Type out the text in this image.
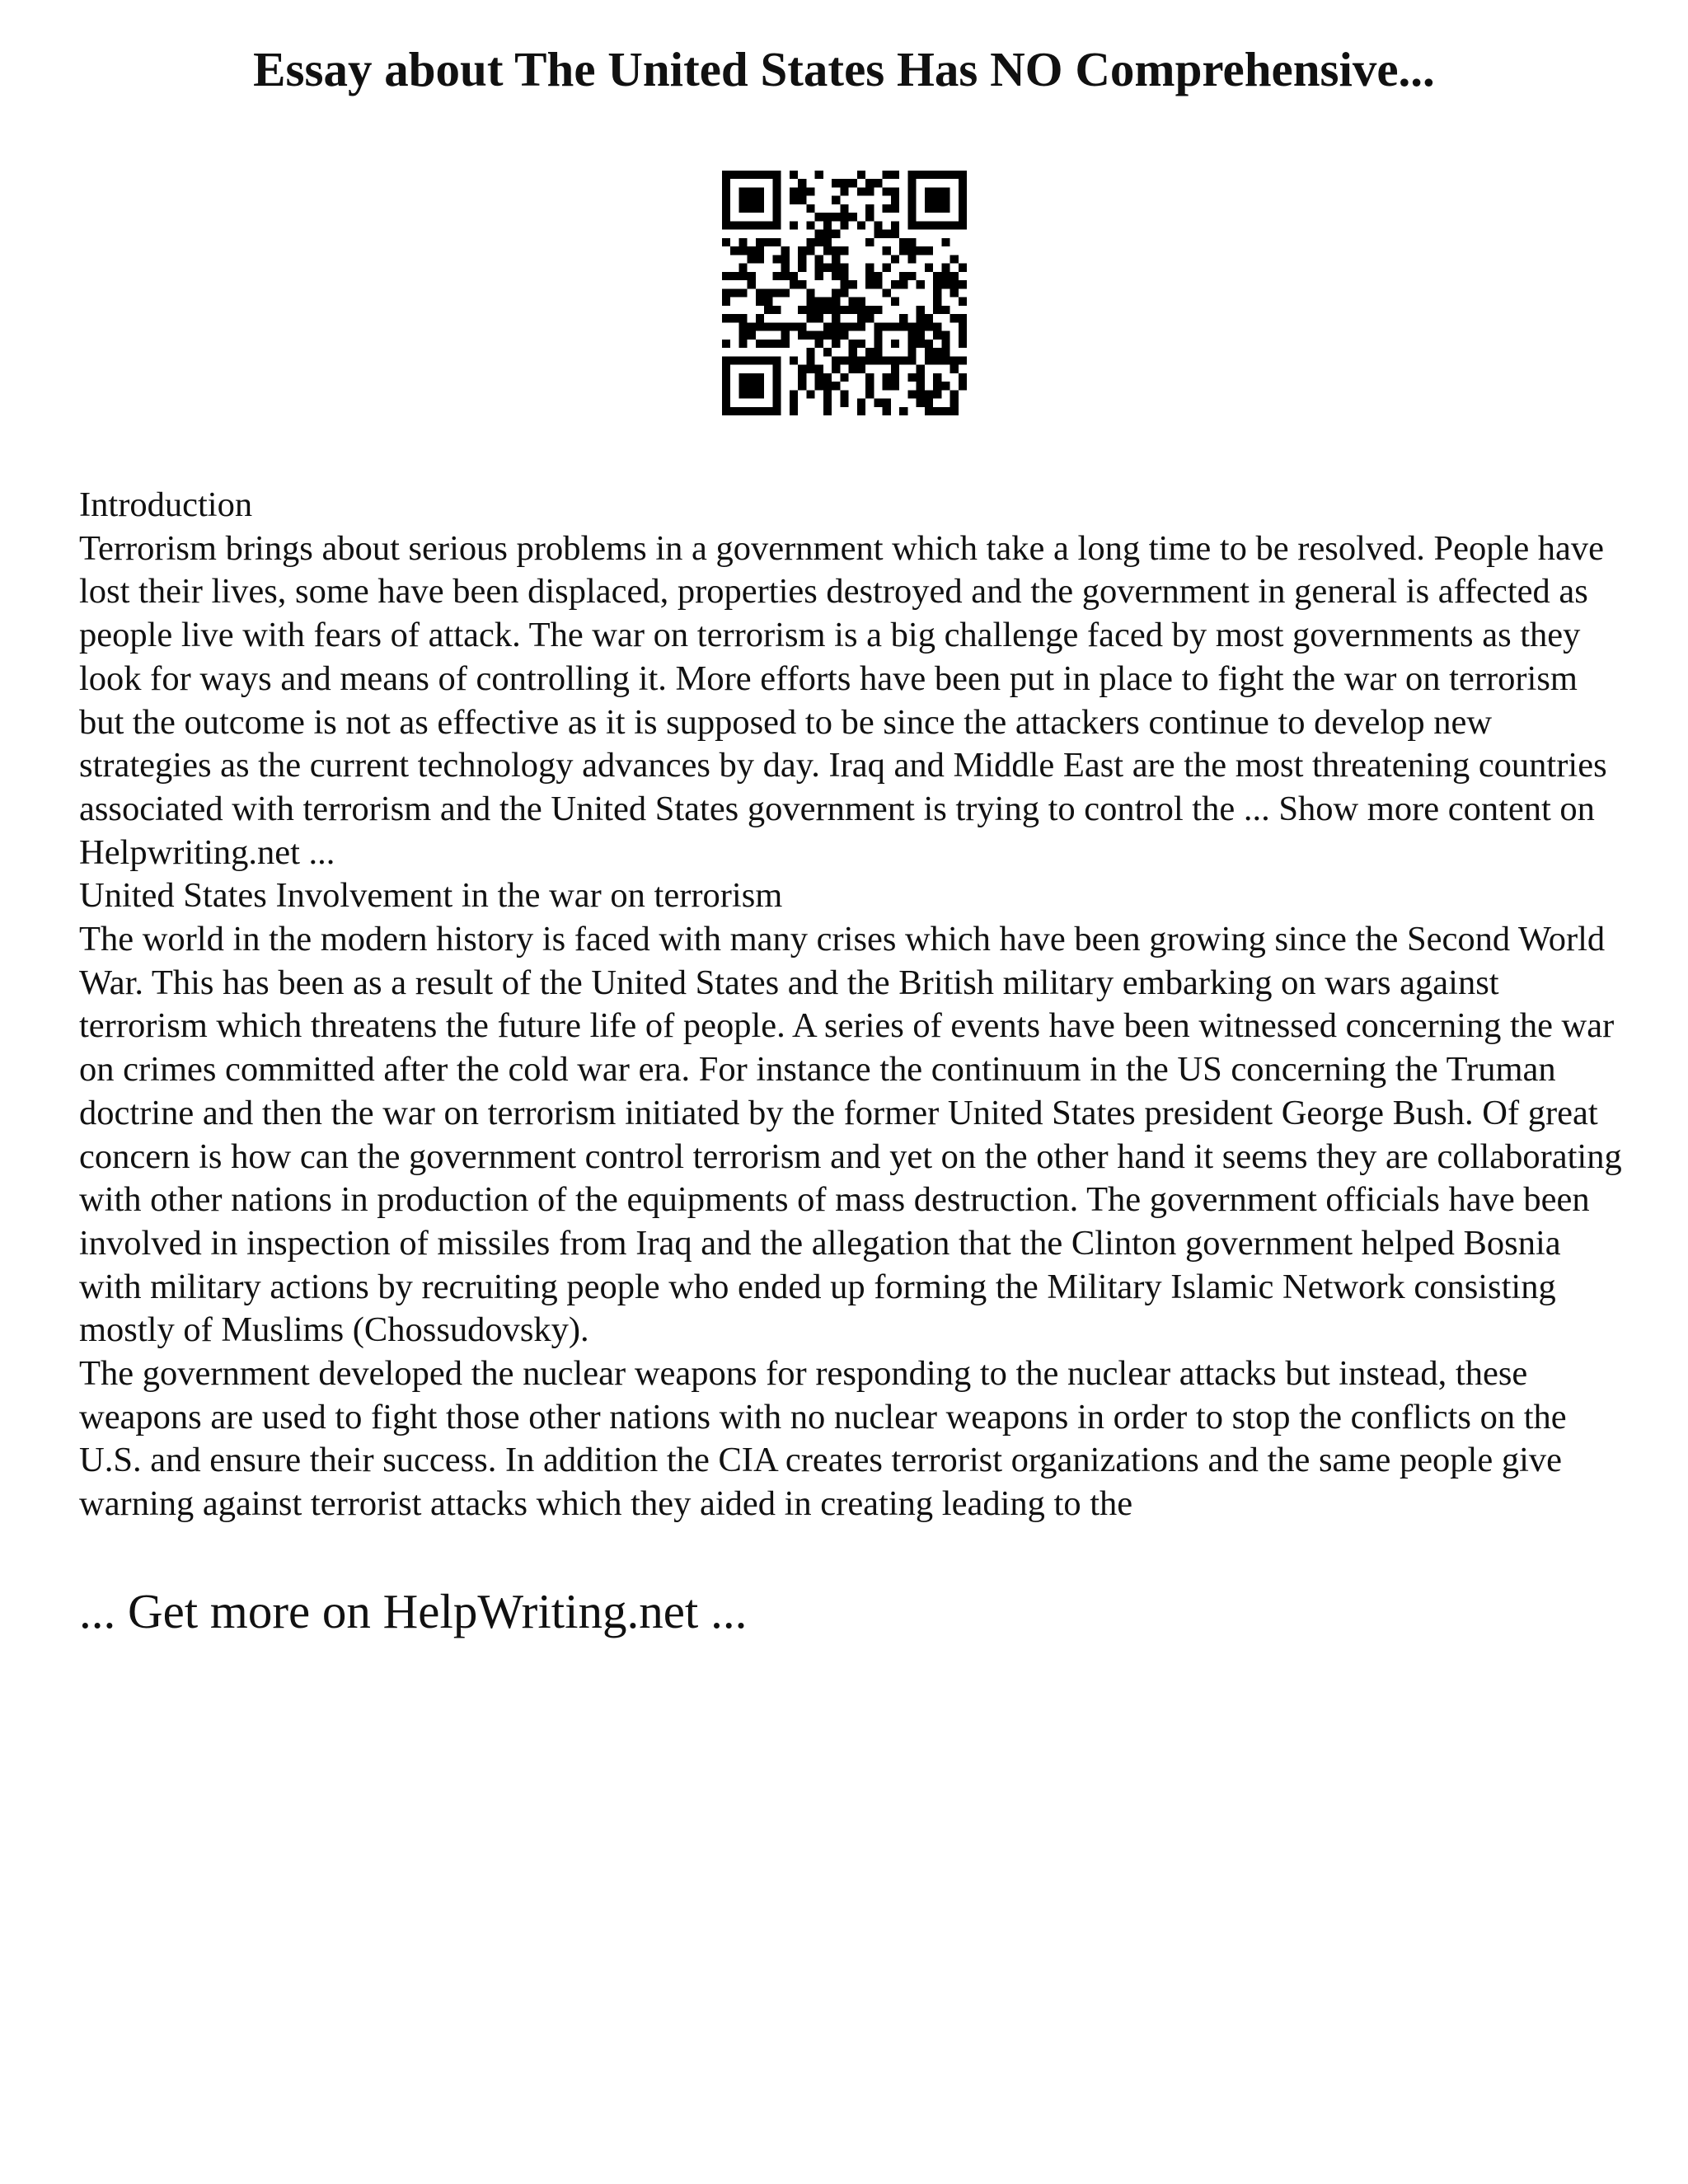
Essay about The United States Has NO Comprehensive...

Introduction

Terrorism brings about serious problems in a government which take a long time to be resolved. People have lost their lives, some have been displaced, properties destroyed and the government in general is affected as people live with fears of attack. The war on terrorism is a big challenge faced by most governments as they look for ways and means of controlling it. More efforts have been put in place to fight the war on terrorism but the outcome is not as effective as it is supposed to be since the attackers continue to develop new strategies as the current technology advances by day. Iraq and Middle East are the most threatening countries associated with terrorism and the United States government is trying to control the ... Show more content on Helpwriting.net ...

United States Involvement in the war on terrorism

The world in the modern history is faced with many crises which have been growing since the Second World War. This has been as a result of the United States and the British military embarking on wars against terrorism which threatens the future life of people. A series of events have been witnessed concerning the war on crimes committed after the cold war era. For instance the continuum in the US concerning the Truman doctrine and then the war on terrorism initiated by the former United States president George Bush. Of great concern is how can the government control terrorism and yet on the other hand it seems they are collaborating with other nations in production of the equipments of mass destruction. The government officials have been involved in inspection of missiles from Iraq and the allegation that the Clinton government helped Bosnia with military actions by recruiting people who ended up forming the Military Islamic Network consisting mostly of Muslims (Chossudovsky).

The government developed the nuclear weapons for responding to the nuclear attacks but instead, these weapons are used to fight those other nations with no nuclear weapons in order to stop the conflicts on the U.S. and ensure their success. In addition the CIA creates terrorist organizations and the same people give warning against terrorist attacks which they aided in creating leading to the

... Get more on HelpWriting.net ...
